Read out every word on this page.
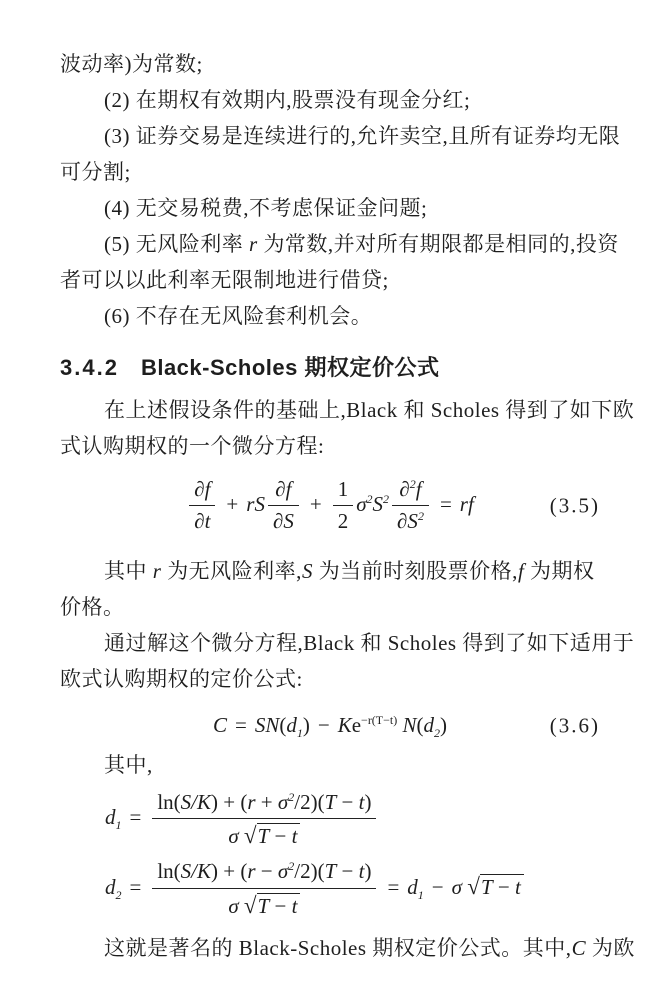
波动率)为常数;
(2) 在期权有效期内,股票没有现金分红;
(3) 证券交易是连续进行的,允许卖空,且所有证券均无限
可分割;
(4) 无交易税费,不考虑保证金问题;
(5) 无风险利率 r 为常数,并对所有期限都是相同的,投资
者可以以此利率无限制地进行借贷;
(6) 不存在无风险套利机会。
3.4.2 Black-Scholes 期权定价公式
在上述假设条件的基础上,Black 和 Scholes 得到了如下欧
式认购期权的一个微分方程:
$\frac{\partial f}{\partial t}$ + rS $\frac{\partial f}{\partial S} + \frac{1}{2} \sigma^2S^2 \frac{\partial^2f}{\partial S^2}$ = rf	(3.5)
其中 r 为无风险利率,S 为当前时刻股票价格,f 为期权
价格。
通过解这个微分方程,Black 和 Scholes 得到了如下适用于
欧式认购期权的定价公式:
$C = SN(d_1) - Ke^{-r(T-t)}$ $N(d_2)$	(3.6)
其中,
$d_1 = \frac{\ln(S/K) + (r + \sigma^2/2)(T - t)}{\sigma √T - t}$
$d_2 = \frac{\ln(S/K) + (r - \sigma^2/2)(T - t)}{\sigma √T - t} = d_1 - \sigma$ √T − t
这就是著名的 Black-Scholes 期权定价公式。其中,C 为欧
